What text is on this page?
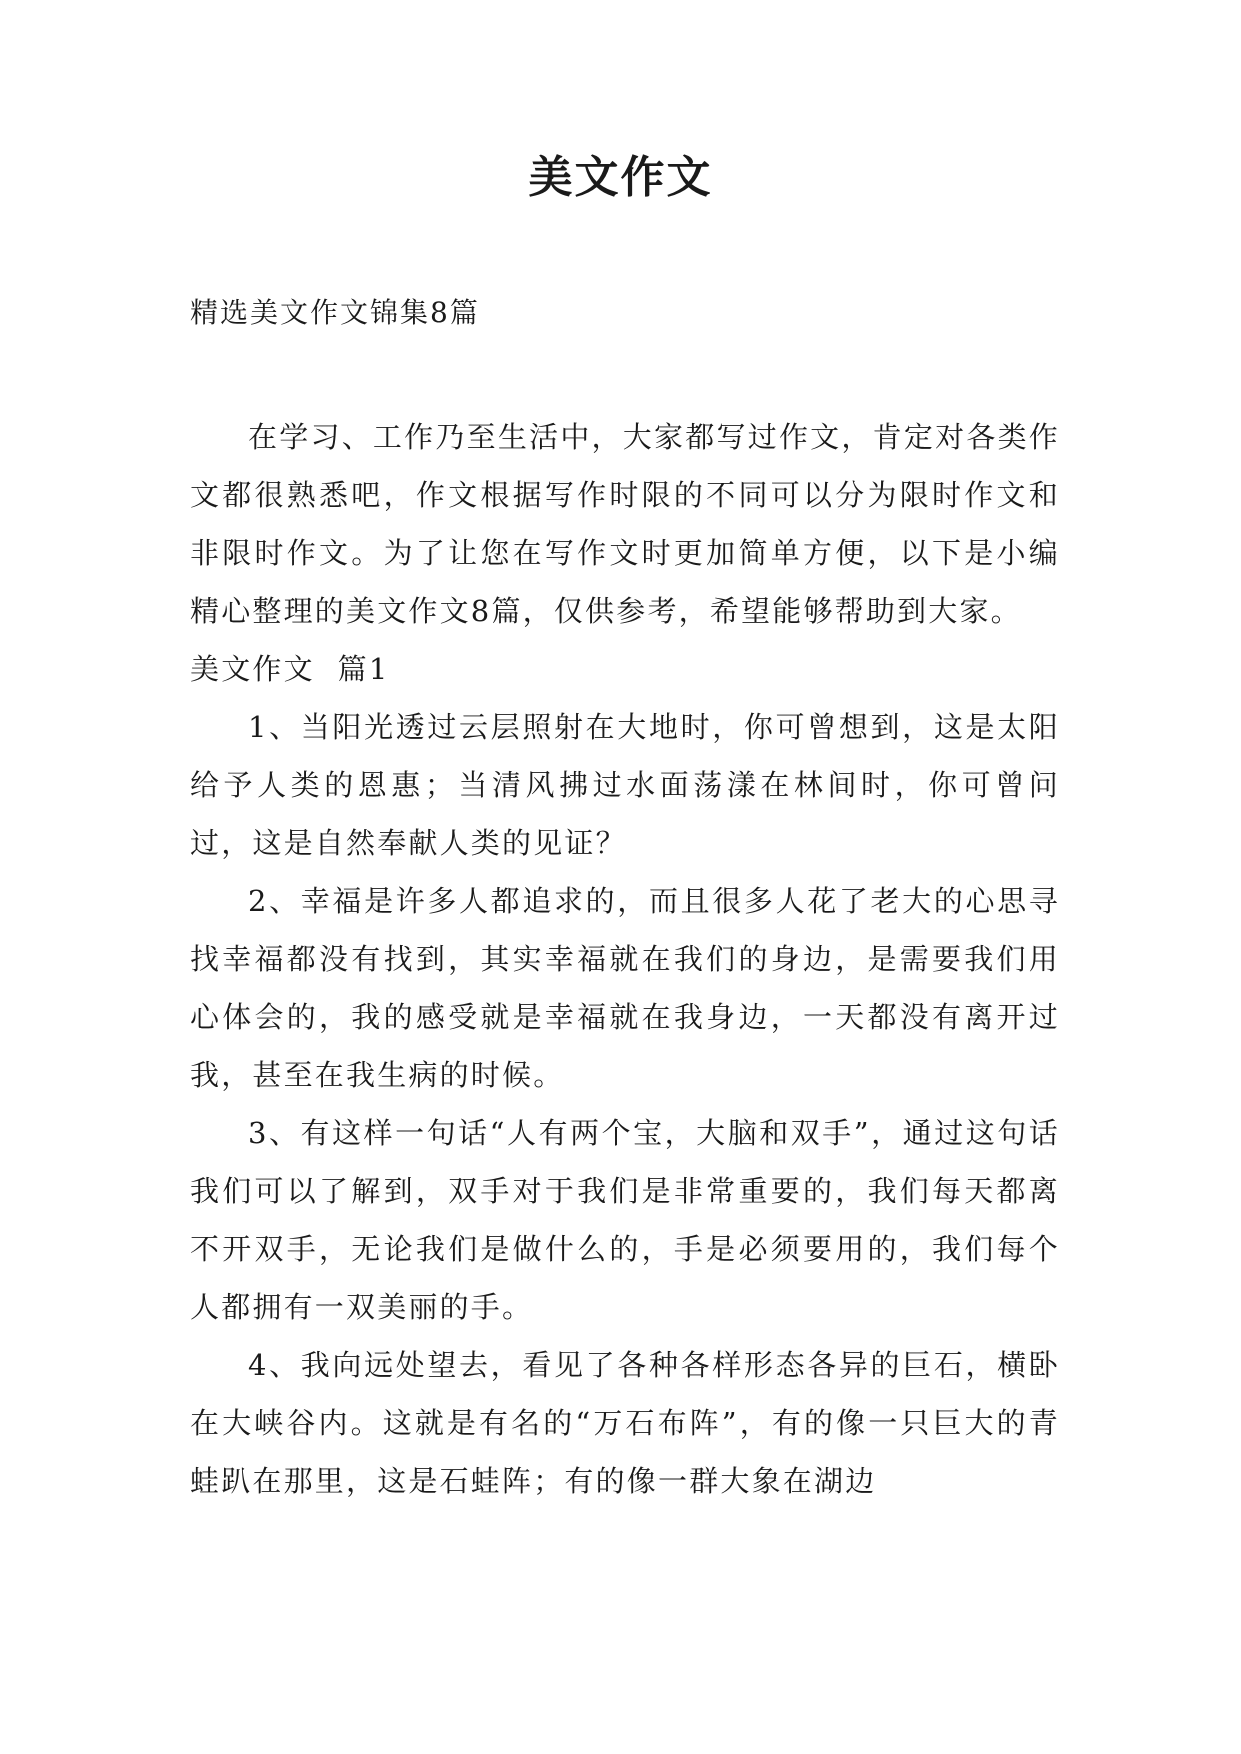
美文作文
精选美文作文锦集8篇

在学习、工作乃至生活中，大家都写过作文，肯定对各类作文都很熟悉吧，作文根据写作时限的不同可以分为限时作文和非限时作文。为了让您在写作文时更加简单方便，以下是小编精心整理的美文作文8篇，仅供参考，希望能够帮助到大家。

美文作文  篇1

1、当阳光透过云层照射在大地时，你可曾想到，这是太阳给予人类的恩惠；当清风拂过水面荡漾在林间时，你可曾问过，这是自然奉献人类的见证？

2、幸福是许多人都追求的，而且很多人花了老大的心思寻找幸福都没有找到，其实幸福就在我们的身边，是需要我们用心体会的，我的感受就是幸福就在我身边，一天都没有离开过我，甚至在我生病的时候。

3、有这样一句话“人有两个宝，大脑和双手”，通过这句话我们可以了解到，双手对于我们是非常重要的，我们每天都离不开双手，无论我们是做什么的，手是必须要用的，我们每个人都拥有一双美丽的手。

4、我向远处望去，看见了各种各样形态各异的巨石，横卧在大峡谷内。这就是有名的“万石布阵”，有的像一只巨大的青蛙趴在那里，这是石蛙阵；有的像一群大象在湖边
